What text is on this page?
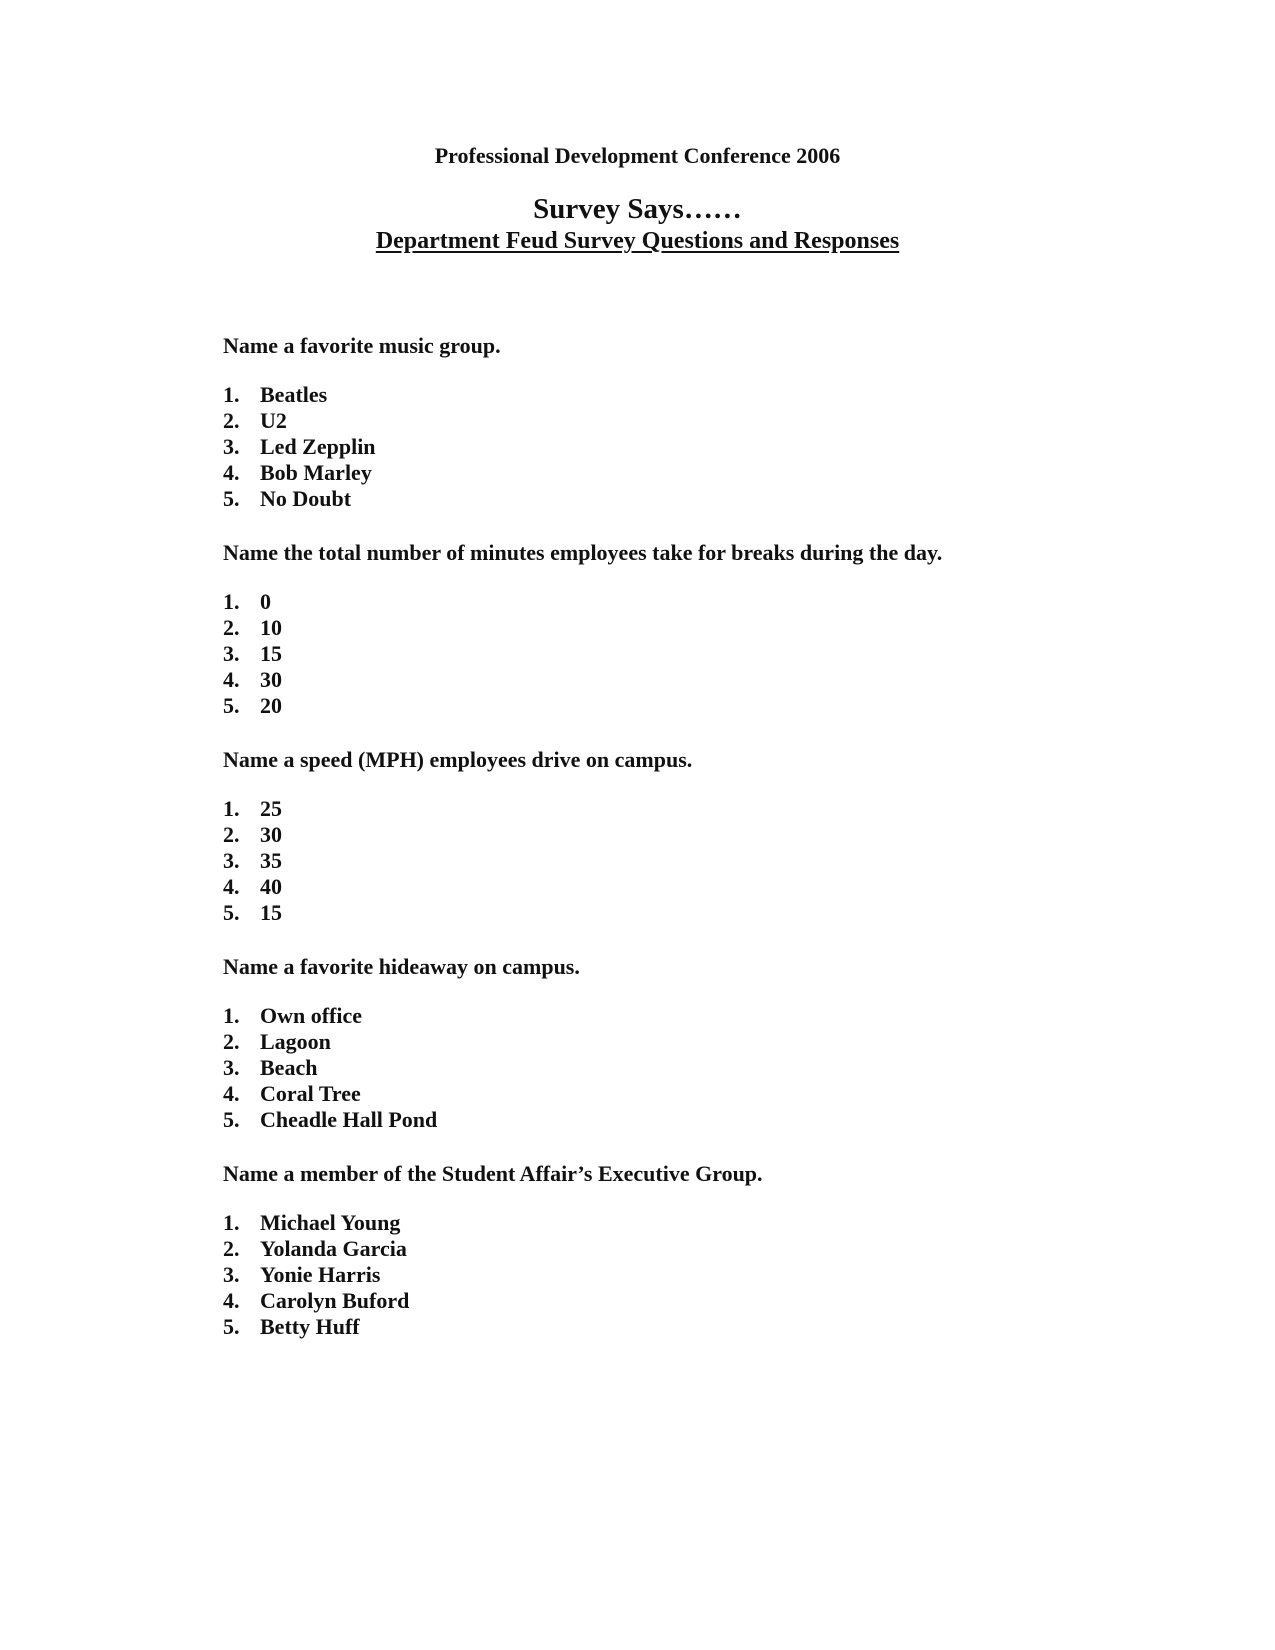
Professional Development Conference 2006
Survey Says……
Department Feud Survey Questions and Responses
Name a favorite music group.
1. Beatles
2. U2
3. Led Zepplin
4. Bob Marley
5. No Doubt
Name the total number of minutes employees take for breaks during the day.
1. 0
2. 10
3. 15
4. 30
5. 20
Name a speed (MPH) employees drive on campus.
1. 25
2. 30
3. 35
4. 40
5. 15
Name a favorite hideaway on campus.
1. Own office
2. Lagoon
3. Beach
4. Coral Tree
5. Cheadle Hall Pond
Name a member of the Student Affair’s Executive Group.
1. Michael Young
2. Yolanda Garcia
3. Yonie Harris
4. Carolyn Buford
5. Betty Huff
